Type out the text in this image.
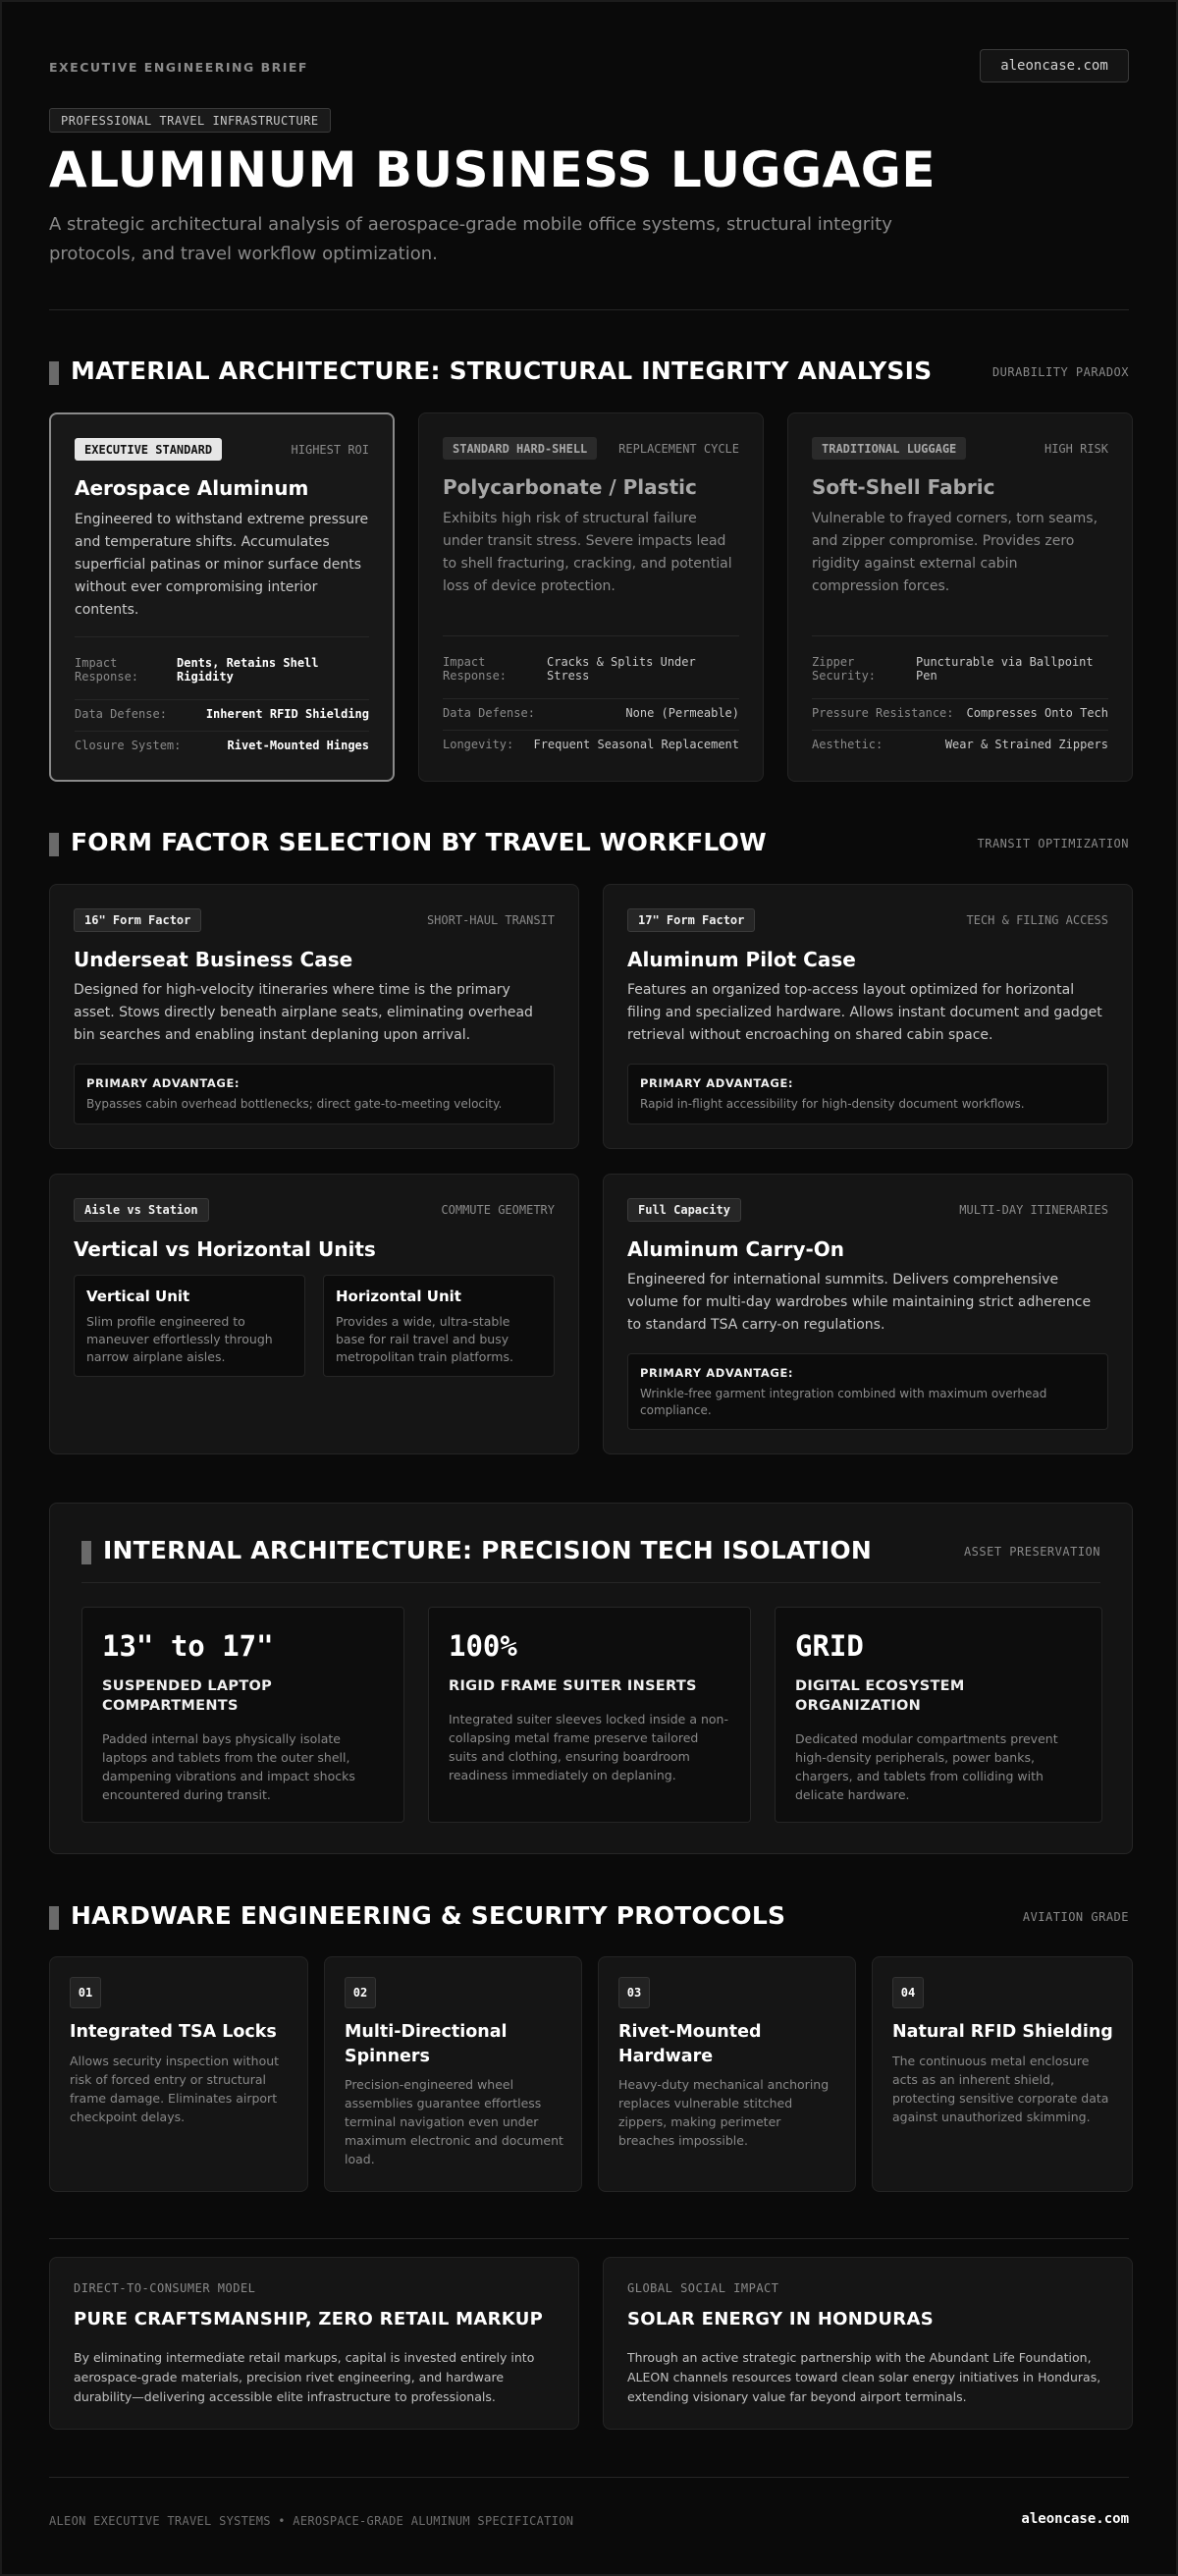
EXECUTIVE ENGINEERING BRIEF	aleoncase.com
PROFESSIONAL TRAVEL INFRASTRUCTURE
ALUMINUM BUSINESS LUGGAGE

A strategic architectural analysis of aerospace-grade mobile office systems, structural integrity protocols, and travel workflow optimization.

MATERIAL ARCHITECTURE: STRUCTURAL INTEGRITY ANALYSIS	DURABILITY PARADOX
EXECUTIVE STANDARD	HIGHEST ROI
Aerospace Aluminum

Engineered to withstand extreme pressure and temperature shifts. Accumulates superficial patinas or minor surface dents without ever compromising interior contents.

Impact Response:
Dents, Retains Shell Rigidity
Data Defense:	Inherent RFID Shielding
Closure System:	Rivet-Mounted Hinges
STANDARD HARD-SHELL	REPLACEMENT CYCLE
Polycarbonate / Plastic

Exhibits high risk of structural failure under transit stress. Severe impacts lead to shell fracturing, cracking, and potential loss of device protection.

Impact Response:
Cracks & Splits Under Stress
Data Defense:	None (Permeable)
Longevity: Frequent Seasonal Replacement
TRADITIONAL LUGGAGE	HIGH RISK
Soft-Shell Fabric

Vulnerable to frayed corners, torn seams, and zipper compromise. Provides zero rigidity against external cabin compression forces.

Zipper Security:
Puncturable via Ballpoint Pen
Pressure Resistance: Compresses Onto Tech
Aesthetic:	Wear & Strained Zippers
FORM FACTOR SELECTION BY TRAVEL WORKFLOW	TRANSIT OPTIMIZATION
16" Form Factor	SHORT-HAUL TRANSIT
Underseat Business Case

Designed for high-velocity itineraries where time is the primary asset. Stows directly beneath airplane seats, eliminating overhead bin searches and enabling instant deplaning upon arrival.

PRIMARY ADVANTAGE:
Bypasses cabin overhead bottlenecks; direct gate-to-meeting velocity.
17" Form Factor	TECH & FILING ACCESS
Aluminum Pilot Case

Features an organized top-access layout optimized for horizontal filing and specialized hardware. Allows instant document and gadget retrieval without encroaching on shared cabin space.

PRIMARY ADVANTAGE:
Rapid in-flight accessibility for high-density document workflows.
Aisle vs Station	COMMUTE GEOMETRY
Vertical vs Horizontal Units
Vertical Unit
Slim profile engineered to maneuver effortlessly through narrow airplane aisles.
Horizontal Unit
Provides a wide, ultra-stable base for rail travel and busy metropolitan train platforms.
Full Capacity	MULTI-DAY ITINERARIES
Aluminum Carry-On

Engineered for international summits. Delivers comprehensive volume for multi-day wardrobes while maintaining strict adherence to standard TSA carry-on regulations.

PRIMARY ADVANTAGE:
Wrinkle-free garment integration combined with maximum overhead compliance.
INTERNAL ARCHITECTURE: PRECISION TECH ISOLATION	ASSET PRESERVATION
13" to 17"
SUSPENDED LAPTOP COMPARTMENTS
Padded internal bays physically isolate laptops and tablets from the outer shell, dampening vibrations and impact shocks encountered during transit.
100%
RIGID FRAME SUITER INSERTS
Integrated suiter sleeves locked inside a non-collapsing metal frame preserve tailored suits and clothing, ensuring boardroom readiness immediately on deplaning.
GRID
DIGITAL ECOSYSTEM ORGANIZATION
Dedicated modular compartments prevent high-density peripherals, power banks, chargers, and tablets from colliding with delicate hardware.
HARDWARE ENGINEERING & SECURITY PROTOCOLS	AVIATION GRADE
01
Integrated TSA Locks
Allows security inspection without risk of forced entry or structural frame damage. Eliminates airport checkpoint delays.
02
Multi-Directional Spinners
Precision-engineered wheel assemblies guarantee effortless terminal navigation even under maximum electronic and document load.
03
Rivet-Mounted Hardware
Heavy-duty mechanical anchoring replaces vulnerable stitched zippers, making perimeter breaches impossible.
04
Natural RFID Shielding
The continuous metal enclosure acts as an inherent shield, protecting sensitive corporate data against unauthorized skimming.
DIRECT-TO-CONSUMER MODEL
PURE CRAFTSMANSHIP, ZERO RETAIL MARKUP
By eliminating intermediate retail markups, capital is invested entirely into aerospace-grade materials, precision rivet engineering, and hardware durability—delivering accessible elite infrastructure to professionals.
GLOBAL SOCIAL IMPACT
SOLAR ENERGY IN HONDURAS
Through an active strategic partnership with the Abundant Life Foundation, ALEON channels resources toward clean solar energy initiatives in Honduras, extending visionary value far beyond airport terminals.
ALEON EXECUTIVE TRAVEL SYSTEMS • AEROSPACE-GRADE ALUMINUM SPECIFICATION	aleoncase.com
